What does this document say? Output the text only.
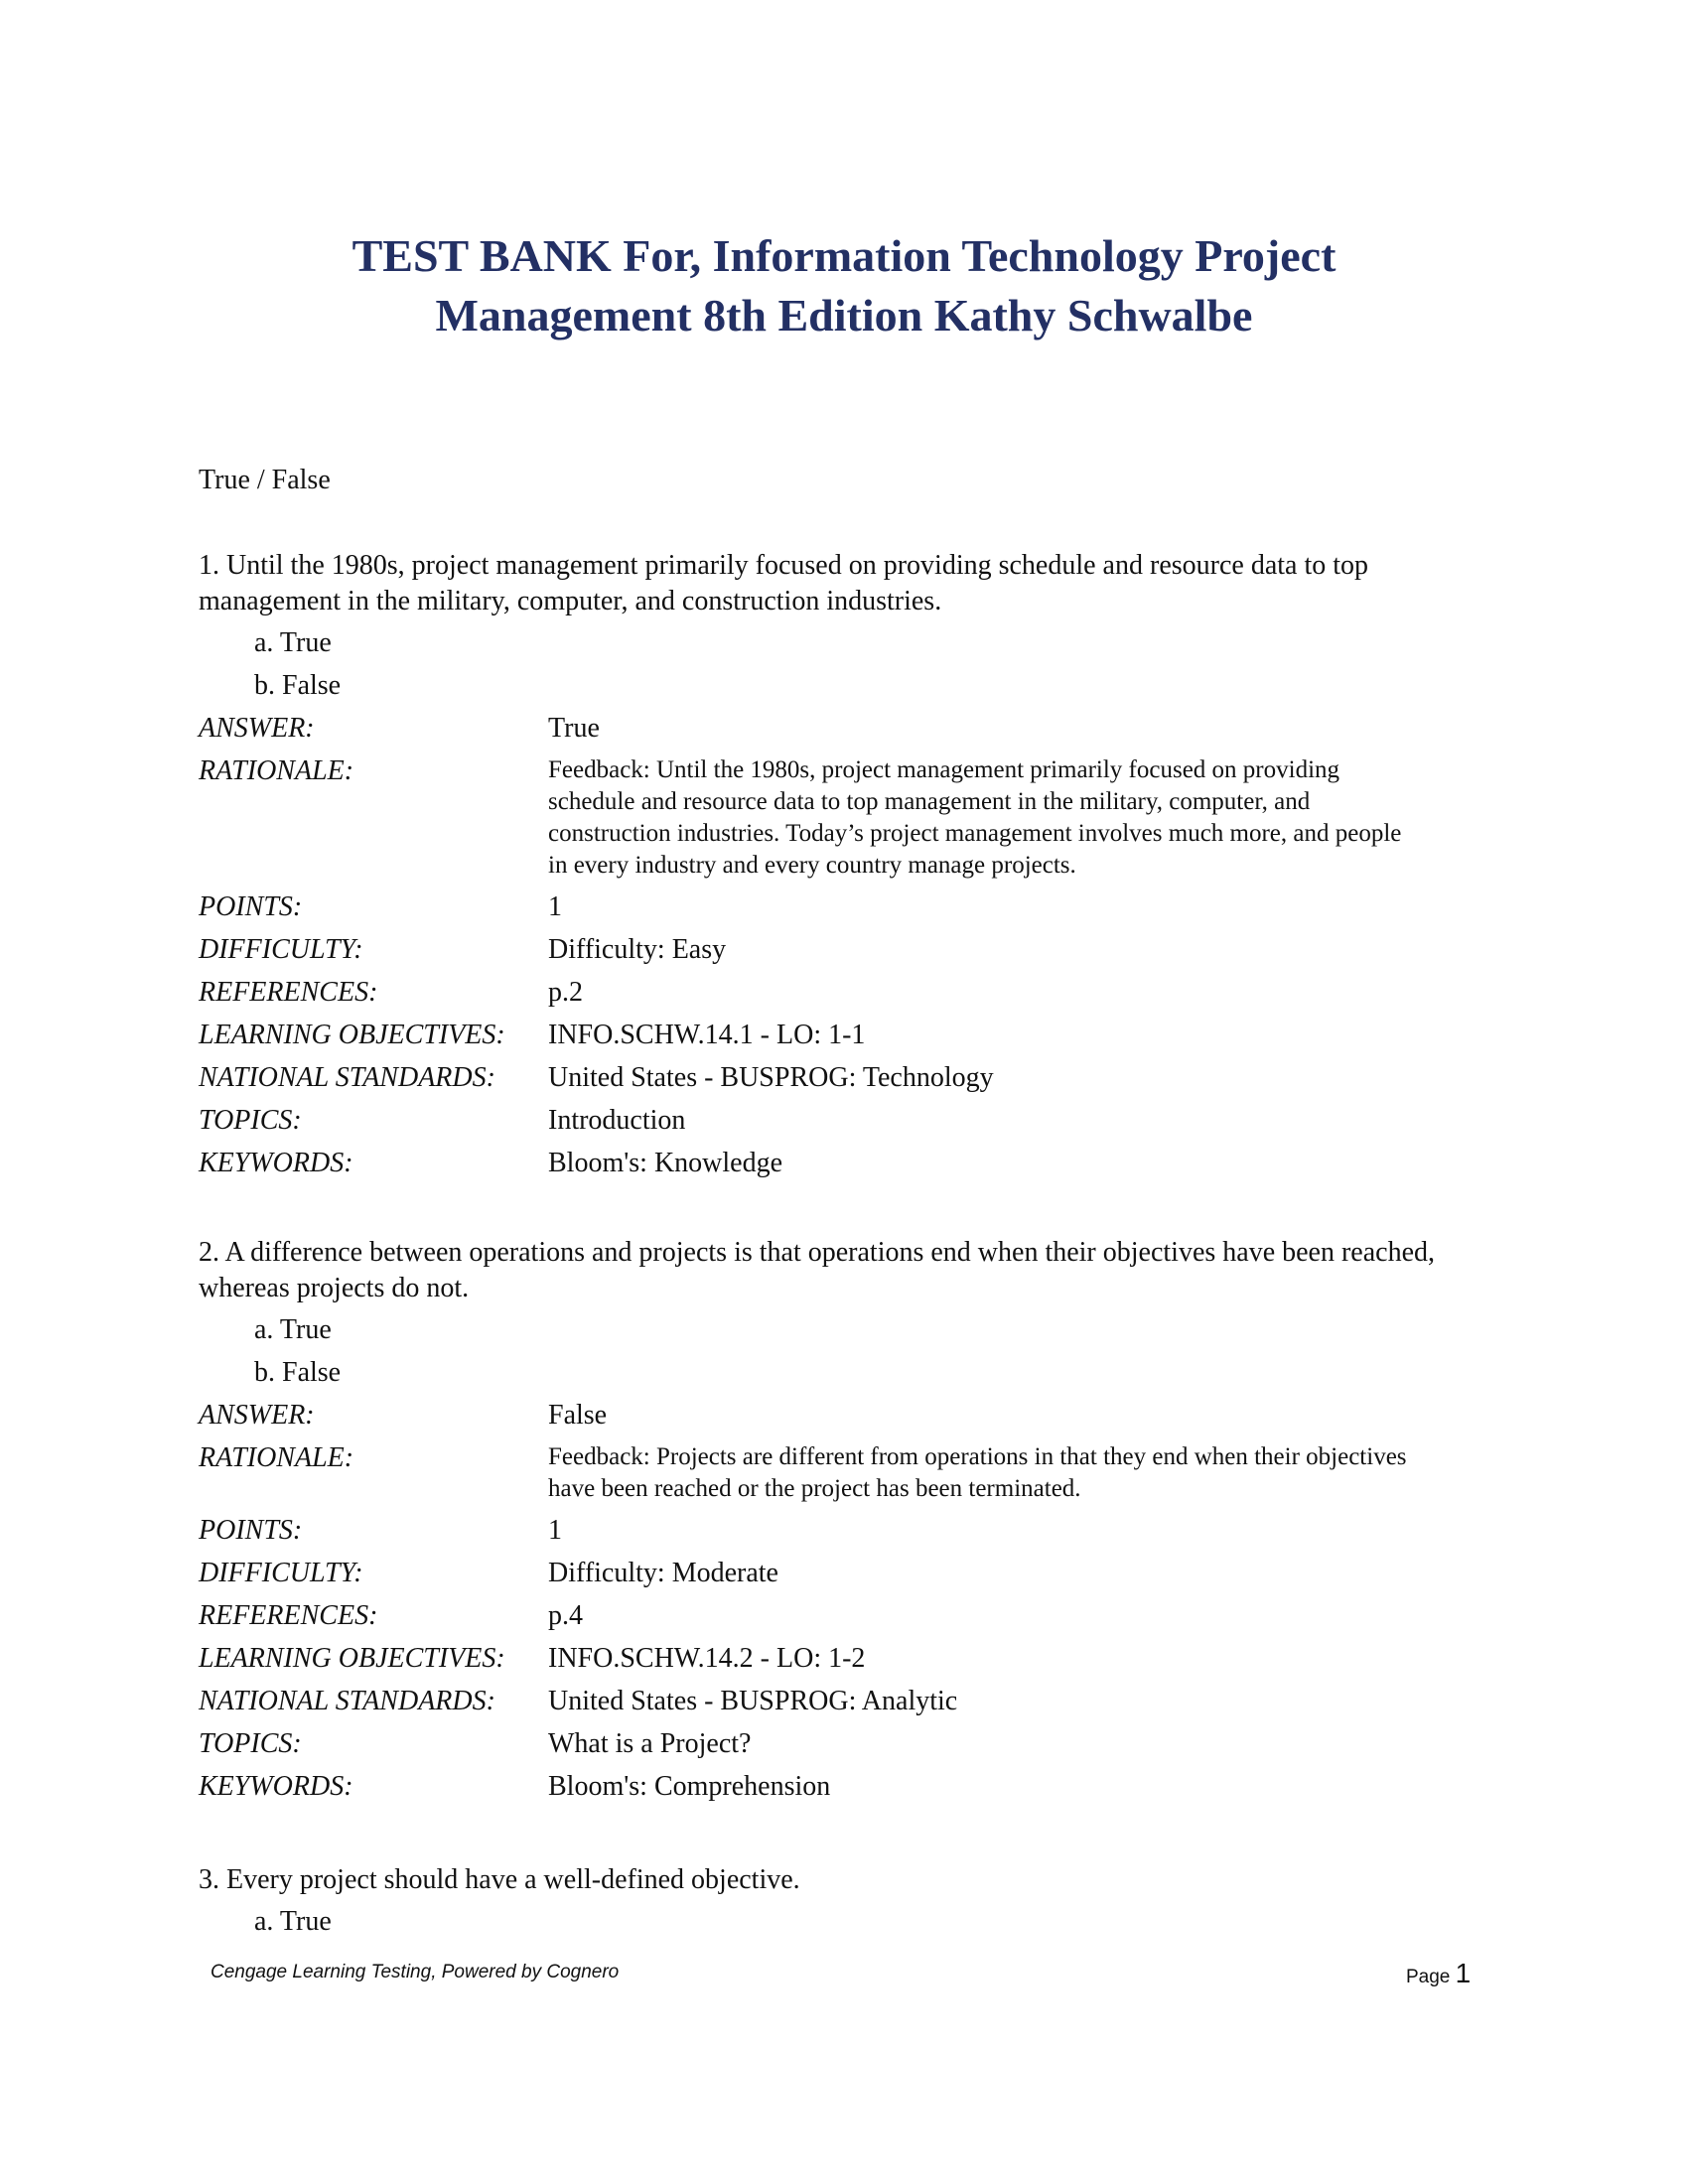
TEST BANK For, Information Technology Project
Management 8th Edition Kathy Schwalbe

True / False

1. Until the 1980s, project management primarily focused on providing schedule and resource data to top management in the military, computer, and construction industries.

a. True
b. False
ANSWER:	True
RATIONALE:	Feedback: Until the 1980s, project management primarily focused on providing schedule and resource data to top management in the military, computer, and construction industries. Today’s project management involves much more, and people in every industry and every country manage projects.
POINTS:	1
DIFFICULTY:	Difficulty: Easy
REFERENCES:	p.2
LEARNING OBJECTIVES:	INFO.SCHW.14.1 - LO: 1-1
NATIONAL STANDARDS:	United States - BUSPROG: Technology
TOPICS:	Introduction
KEYWORDS:	Bloom's: Knowledge

2. A difference between operations and projects is that operations end when their objectives have been reached, whereas projects do not.

a. True
b. False
ANSWER:	False
RATIONALE:	Feedback: Projects are different from operations in that they end when their objectives have been reached or the project has been terminated.
POINTS:	1
DIFFICULTY:	Difficulty: Moderate
REFERENCES:	p.4
LEARNING OBJECTIVES:	INFO.SCHW.14.2 - LO: 1-2
NATIONAL STANDARDS:	United States - BUSPROG: Analytic
TOPICS:	What is a Project?
KEYWORDS:	Bloom's: Comprehension

3. Every project should have a well-defined objective.

a. True
Cengage Learning Testing, Powered by Cognero	Page 1
